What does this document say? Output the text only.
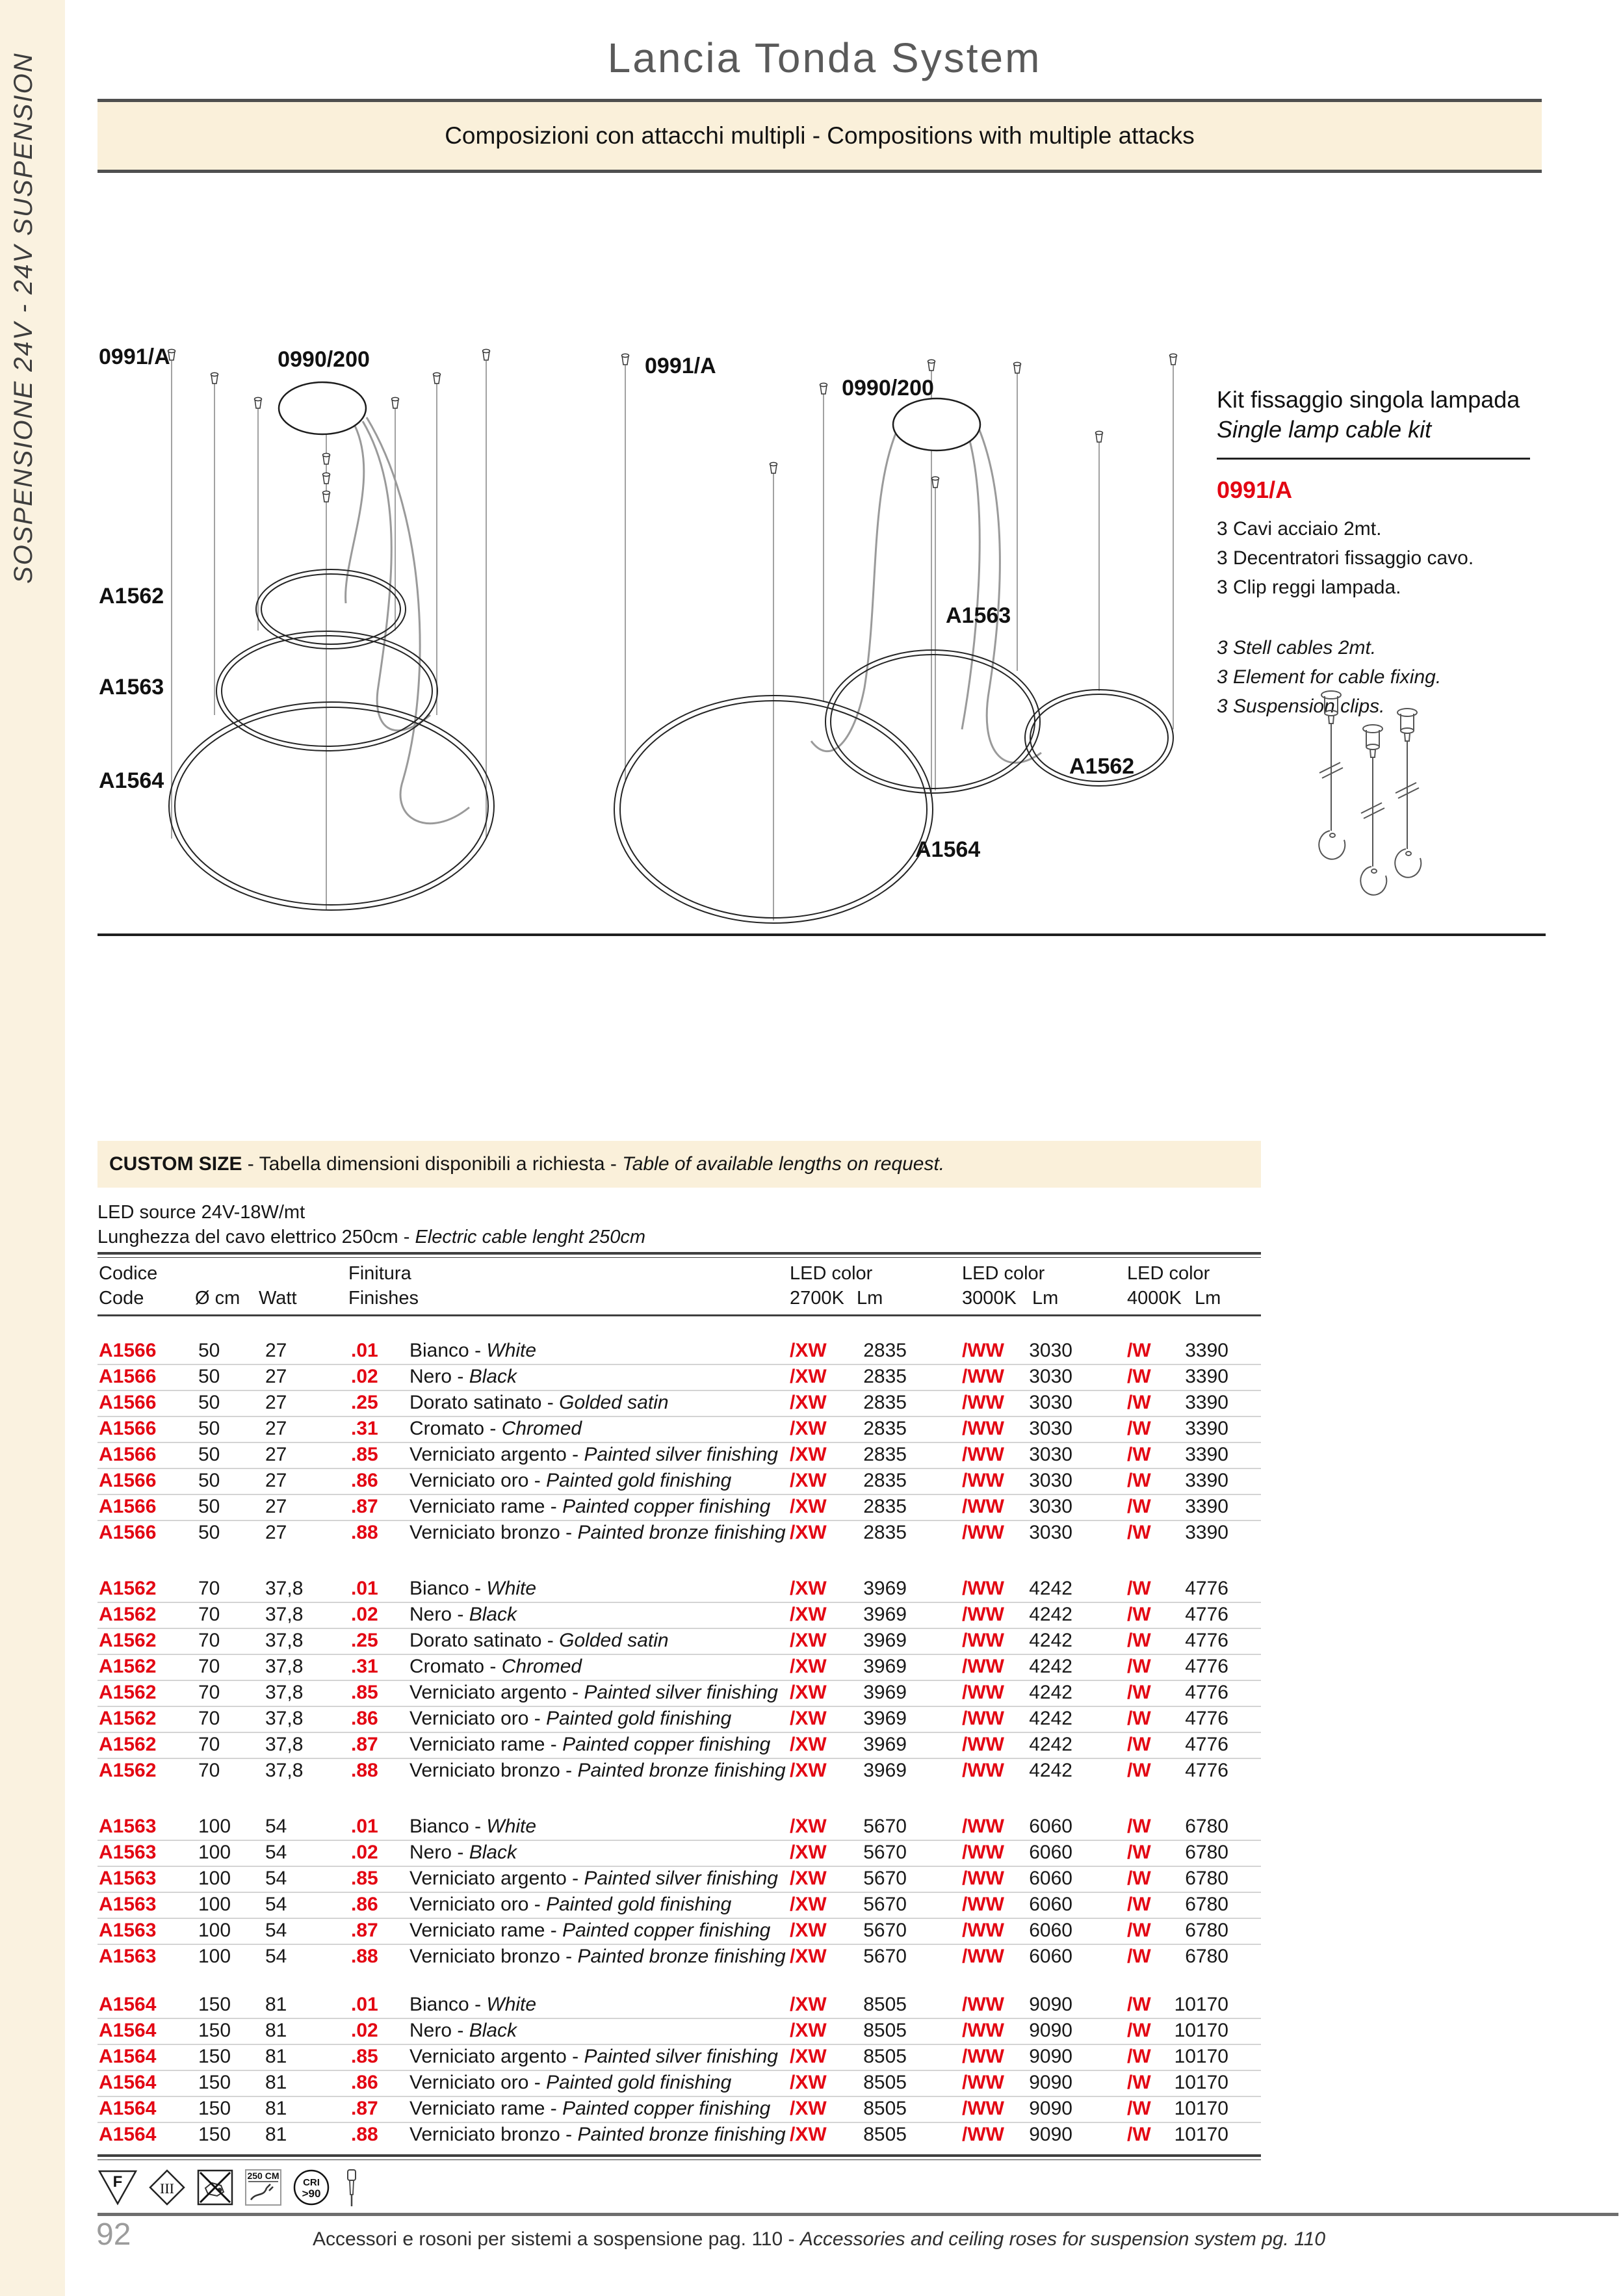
SOSPENSIONE 24V - 24V SUSPENSION	Lancia Tonda System
Composizioni con attacchi multipli - Compositions with multiple attacks
0991/A	0990/200
A1562
A1563
A1564
0991/A
0990/200
A1563
A1562
A1564
Kit fissaggio singola lampada
Single lamp cable kit
0991/A
3 Cavi acciaio 2mt.
3 Decentratori fissaggio cavo.
3 Clip reggi lampada.
3 Stell cables 2mt.
3 Element for cable fixing.
3 Suspension clips.
CUSTOM SIZE - Tabella dimensioni disponibili a richiesta - Table of available lengths on request.
LED source 24V-18W/mt
Lunghezza del cavo elettrico 250cm - Electric cable lenght 250cm
Codice
Code	Ø cm Watt
Finitura
Finishes
LED color
2700K Lm
LED color
3000K Lm
LED color
4000K Lm
A1566 50 27	.01 Bianco - White	/XW	2835	/WW	3030	/W	3390
A1566 50 27	.02 Nero - Black	/XW	2835	/WW	3030	/W	3390
A1566 50 27	.25 Dorato satinato - Golded satin	/XW	2835	/WW	3030	/W	3390
A1566 50 27	.31 Cromato - Chromed	/XW	2835	/WW	3030	/W	3390
A1566 50 27	.85 Verniciato argento - Painted silver finishing /XW	2835	/WW	3030	/W	3390
A1566 50 27	.86 Verniciato oro - Painted gold finishing	/XW	2835	/WW	3030	/W	3390
A1566 50 27	.87 Verniciato rame - Painted copper finishing /XW	2835	/WW	3030	/W	3390
A1566 50 27	.88 Verniciato bronzo - Painted bronze finishing /XW	2835	/WW	3030	/W	3390
A1562 70 37,8 .01 Bianco - White	/XW	3969	/WW	4242	/W	4776
A1562 70 37,8 .02 Nero - Black	/XW	3969	/WW	4242	/W	4776
A1562 70 37,8 .25 Dorato satinato - Golded satin	/XW	3969	/WW	4242	/W	4776
A1562 70 37,8 .31 Cromato - Chromed	/XW	3969	/WW	4242	/W	4776
A1562 70 37,8 .85 Verniciato argento - Painted silver finishing /XW	3969	/WW	4242	/W	4776
A1562 70 37,8 .86 Verniciato oro - Painted gold finishing	/XW	3969	/WW	4242	/W	4776
A1562 70 37,8 .87 Verniciato rame - Painted copper finishing /XW	3969	/WW	4242	/W	4776
A1562 70 37,8 .88 Verniciato bronzo - Painted bronze finishing /XW	3969	/WW	4242	/W	4776
A1563 100 54	.01 Bianco - White	/XW	5670	/WW	6060	/W	6780
A1563 100 54	.02 Nero - Black	/XW	5670	/WW	6060	/W	6780
A1563 100 54	.85 Verniciato argento - Painted silver finishing /XW	5670	/WW	6060	/W	6780
A1563 100 54	.86 Verniciato oro - Painted gold finishing	/XW	5670	/WW	6060	/W	6780
A1563 100 54	.87 Verniciato rame - Painted copper finishing /XW	5670	/WW	6060	/W	6780
A1563 100 54	.88 Verniciato bronzo - Painted bronze finishing /XW	5670	/WW	6060	/W	6780
A1564 150 81	.01 Bianco - White	/XW	8505	/WW	9090	/W	10170
A1564 150 81	.02 Nero - Black	/XW	8505	/WW	9090	/W	10170
A1564 150 81	.85 Verniciato argento - Painted silver finishing /XW	8505	/WW	9090	/W	10170
A1564 150 81	.86 Verniciato oro - Painted gold finishing	/XW	8505	/WW	9090	/W	10170
A1564 150 81	.87 Verniciato rame - Painted copper finishing /XW	8505	/WW	9090	/W	10170
A1564 150 81	.88 Verniciato bronzo - Painted bronze finishing /XW	8505	/WW	9090	/W	10170
F	III
250 CM
CRI
>90
92	Accessori e rosoni per sistemi a sospensione pag. 110 - Accessories and ceiling roses for suspension system pg. 110
